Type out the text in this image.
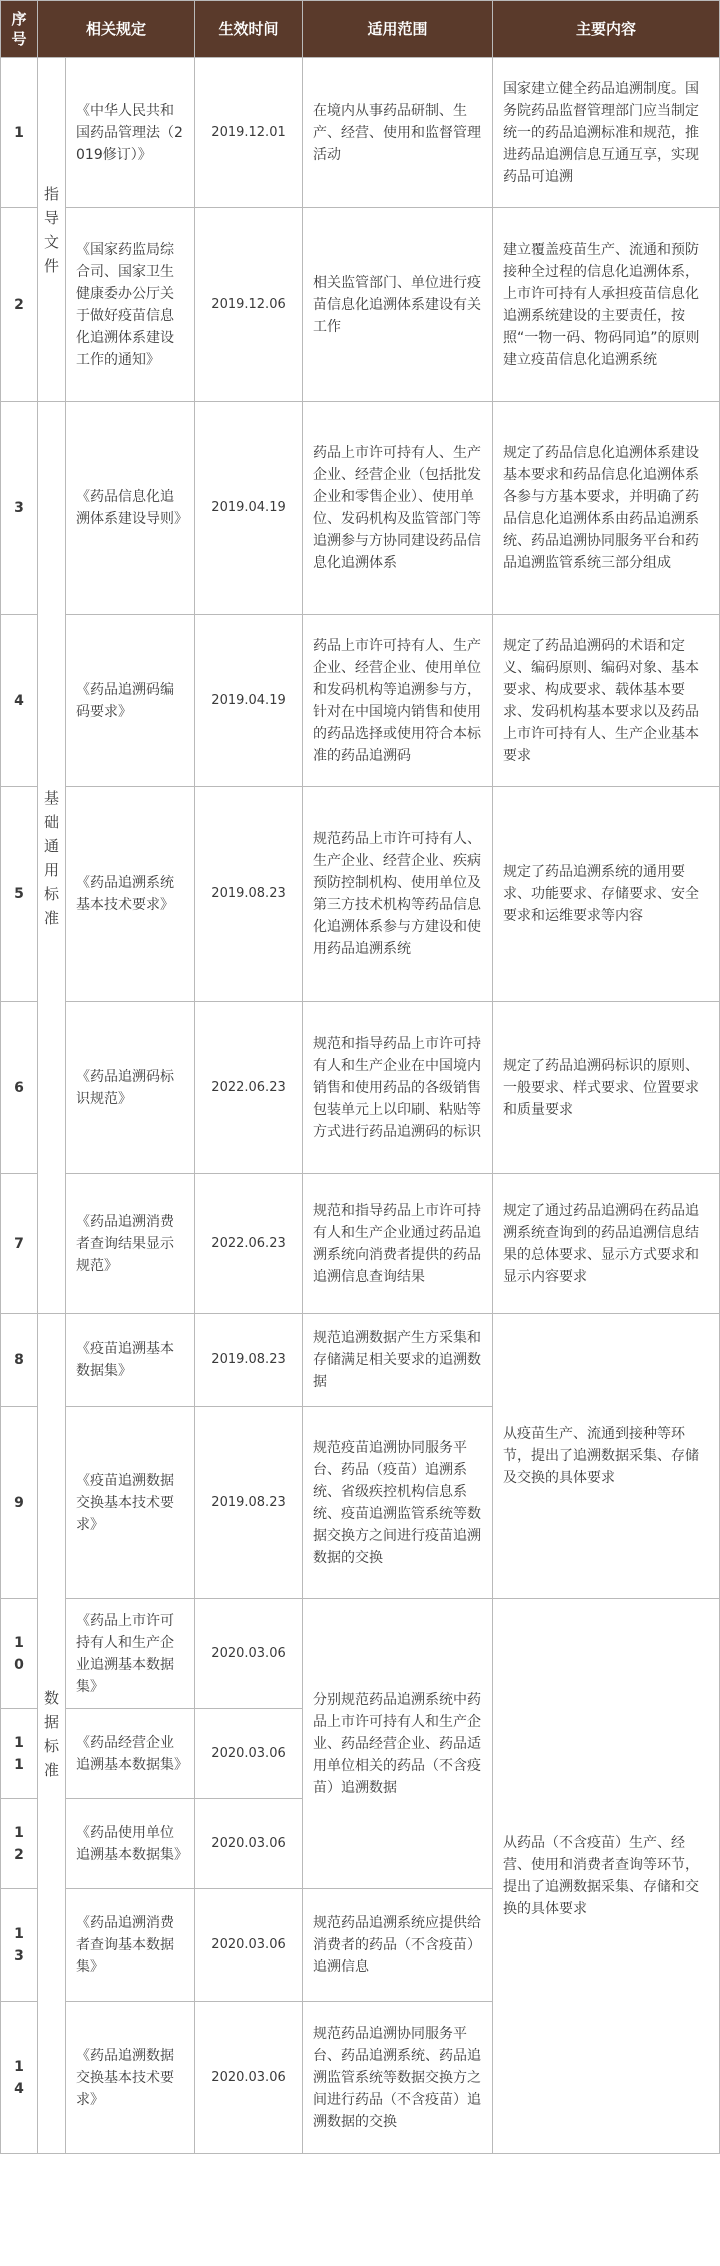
序号	相关规定		生效时间	适用范围	主要内容
1	指导文件	《中华人民共和国药品管理法（2019修订）》	2019.12.01	在境内从事药品研制、生产、经营、使用和监督管理活动	国家建立健全药品追溯制度。国务院药品监督管理部门应当制定统一的药品追溯标准和规范，推进药品追溯信息互通互享，实现药品可追溯
2		《国家药监局综合司、国家卫生健康委办公厅关于做好疫苗信息化追溯体系建设工作的通知》	2019.12.06	相关监管部门、单位进行疫苗信息化追溯体系建设有关工作	建立覆盖疫苗生产、流通和预防接种全过程的信息化追溯体系，上市许可持有人承担疫苗信息化追溯系统建设的主要责任，按照“一物一码、物码同追”的原则建立疫苗信息化追溯系统
3	基础通用标准	《药品信息化追溯体系建设导则》	2019.04.19	药品上市许可持有人、生产企业、经营企业（包括批发企业和零售企业）、使用单位、发码机构及监管部门等追溯参与方协同建设药品信息化追溯体系	规定了药品信息化追溯体系建设基本要求和药品信息化追溯体系各参与方基本要求，并明确了药品信息化追溯体系由药品追溯系统、药品追溯协同服务平台和药品追溯监管系统三部分组成
4		《药品追溯码编码要求》	2019.04.19	药品上市许可持有人、生产企业、经营企业、使用单位和发码机构等追溯参与方，针对在中国境内销售和使用的药品选择或使用符合本标准的药品追溯码	规定了药品追溯码的术语和定义、编码原则、编码对象、基本要求、构成要求、载体基本要求、发码机构基本要求以及药品上市许可持有人、生产企业基本要求
5		《药品追溯系统基本技术要求》	2019.08.23	规范药品上市许可持有人、生产企业、经营企业、疾病预防控制机构、使用单位及第三方技术机构等药品信息化追溯体系参与方建设和使用药品追溯系统	规定了药品追溯系统的通用要求、功能要求、存储要求、安全要求和运维要求等内容
6		《药品追溯码标识规范》	2022.06.23	规范和指导药品上市许可持有人和生产企业在中国境内销售和使用药品的各级销售包装单元上以印刷、粘贴等方式进行药品追溯码的标识	规定了药品追溯码标识的原则、一般要求、样式要求、位置要求和质量要求
7		《药品追溯消费者查询结果显示规范》	2022.06.23	规范和指导药品上市许可持有人和生产企业通过药品追溯系统向消费者提供的药品追溯信息查询结果	规定了通过药品追溯码在药品追溯系统查询到的药品追溯信息结果的总体要求、显示方式要求和显示内容要求
8	数据标准	《疫苗追溯基本数据集》	2019.08.23	规范追溯数据产生方采集和存储满足相关要求的追溯数据	从疫苗生产、流通到接种等环节，提出了追溯数据采集、存储及交换的具体要求
9		《疫苗追溯数据交换基本技术要求》	2019.08.23	规范疫苗追溯协同服务平台、药品（疫苗）追溯系统、省级疾控机构信息系统、疫苗追溯监管系统等数据交换方之间进行疫苗追溯数据的交换	
10		《药品上市许可持有人和生产企业追溯基本数据集》	2020.03.06	分别规范药品追溯系统中药品上市许可持有人和生产企业、药品经营企业、药品适用单位相关的药品（不含疫苗）追溯数据	从药品（不含疫苗）生产、经营、使用和消费者查询等环节，提出了追溯数据采集、存储和交换的具体要求
11		《药品经营企业追溯基本数据集》	2020.03.06		
12		《药品使用单位追溯基本数据集》	2020.03.06		
13		《药品追溯消费者查询基本数据集》	2020.03.06	规范药品追溯系统应提供给消费者的药品（不含疫苗）追溯信息	
14		《药品追溯数据交换基本技术要求》	2020.03.06	规范药品追溯协同服务平台、药品追溯系统、药品追溯监管系统等数据交换方之间进行药品（不含疫苗）追溯数据的交换	
